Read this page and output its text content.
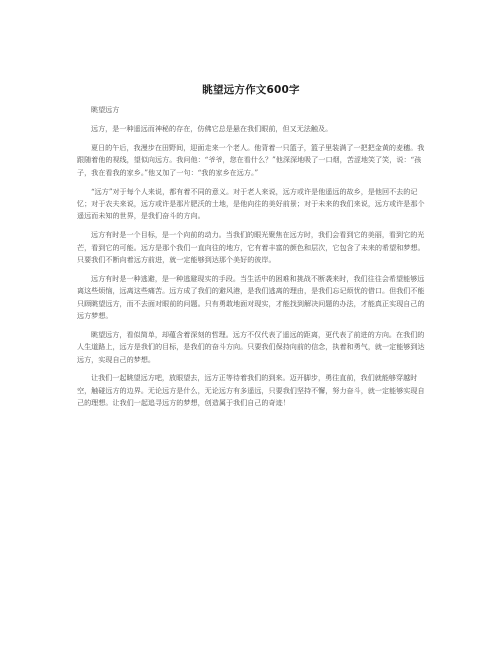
眺望远方作文600字

眺望远方

远方，是一种遥远而神秘的存在，仿佛它总是悬在我们眼前，但又无法触及。

夏日的午后，我漫步在田野间，迎面走来一个老人。他背着一只篮子，篮子里装满了一把把金黄的麦穗。我跟随着他的视线，望似向远方。我问他：“爷爷，您在看什么？”他深深地吸了一口烟，苦涩地笑了笑，说：“孩子，我在看我的家乡。”他又加了一句：“我的家乡在远方。”

“远方”对于每个人来说，都有着不同的意义。对于老人来说，远方或许是他遥远的故乡，是他回不去的记忆；对于农夫来说，远方或许是那片肥沃的土地，是他向往的美好前景；对于未来的我们来说，远方或许是那个遥远而未知的世界，是我们奋斗的方向。

远方有时是一个目标，是一个向前的动力。当我们的眼光聚焦在远方时，我们会看到它的美丽，看到它的光芒，看到它的可能。远方是那个我们一直向往的地方，它有着丰富的颜色和层次，它包含了未来的希望和梦想。只要我们不断向着远方前进，就一定能够到达那个美好的彼岸。

远方有时是一种逃避，是一种逃避现实的手段。当生活中的困难和挑战不断袭来时，我们往往会希望能够远离这些烦恼，远离这些痛苦。远方成了我们的避风港，是我们逃离的理由，是我们忘记烦忧的借口。但我们不能只顾眺望远方，而不去面对眼前的问题。只有勇敢地面对现实，才能找到解决问题的办法，才能真正实现自己的远方梦想。

眺望远方，看似简单，却蕴含着深刻的哲理。远方不仅代表了遥远的距离，更代表了前进的方向。在我们的人生道路上，远方是我们的目标，是我们的奋斗方向。只要我们保持向前的信念，执着和勇气，就一定能够到达远方，实现自己的梦想。

让我们一起眺望远方吧，放眼望去，远方正等待着我们的到来。迈开脚步，勇往直前，我们就能够穿越时空，触碰远方的边界。无论远方是什么，无论远方有多遥远，只要我们坚持不懈，努力奋斗，就一定能够实现自己的理想。让我们一起追寻远方的梦想，创造属于我们自己的奇迹！
